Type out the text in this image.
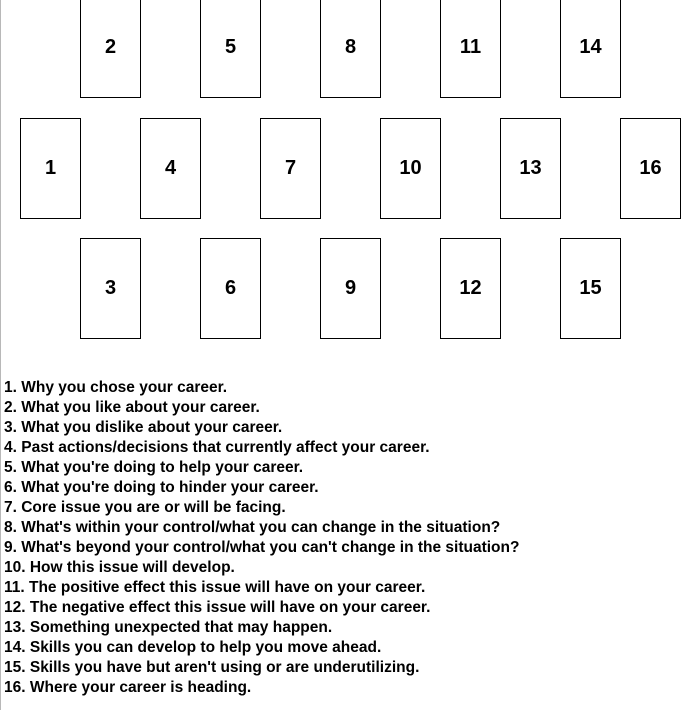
2	5	8	11	14
1	4	7	10	13	16
3	6	9	12	15
1. Why you chose your career.
2. What you like about your career.
3. What you dislike about your career.
4. Past actions/decisions that currently affect your career.
5. What you're doing to help your career.
6. What you're doing to hinder your career.
7. Core issue you are or will be facing.
8. What's within your control/what you can change in the situation?
9. What's beyond your control/what you can't change in the situation?
10. How this issue will develop.
11. The positive effect this issue will have on your career.
12. The negative effect this issue will have on your career.
13. Something unexpected that may happen.
14. Skills you can develop to help you move ahead.
15. Skills you have but aren't using or are underutilizing.
16. Where your career is heading.
